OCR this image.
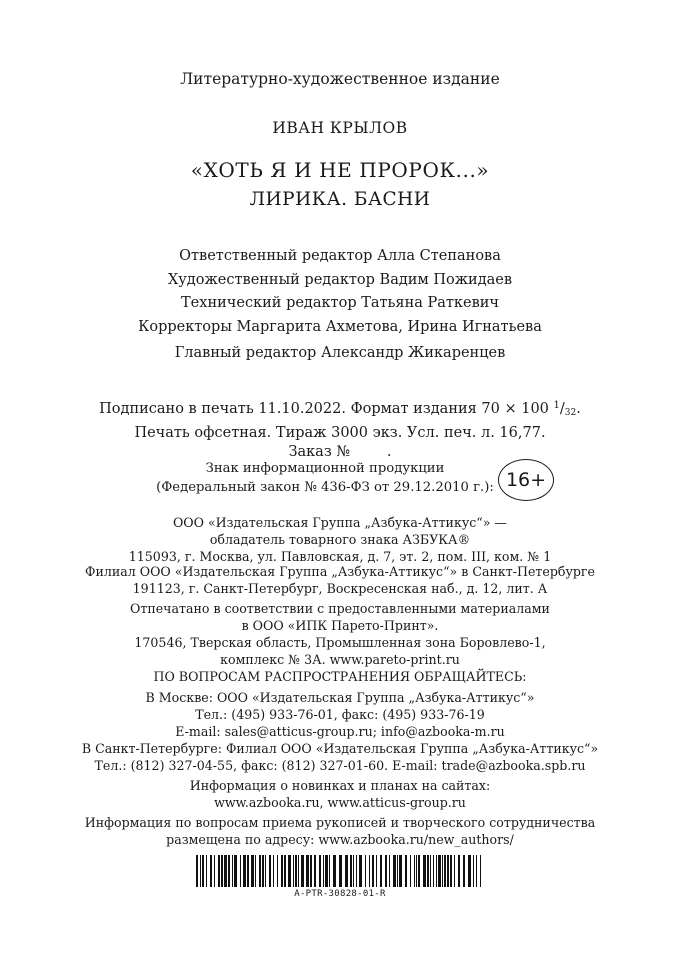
Литературно-художественное издание
ИВАН КРЫЛОВ
«ХОТЬ Я И НЕ ПРОРОК...»
ЛИРИКА. БАСНИ
Ответственный редактор Алла Степанова
Художественный редактор Вадим Пожидаев
Технический редактор Татьяна Раткевич
Корректоры Маргарита Ахметова, Ирина Игнатьева
Главный редактор Александр Жикаренцев
Подписано в печать 11.10.2022. Формат издания 70 × 100 $^1/_{32}$.
Печать офсетная. Тираж 3000 экз. Усл. печ. л. 16,77.
Заказ №        .
Знак информационной продукции
(Федеральный закон № 436-ФЗ от 29.12.2010 г.): 16+
ООО «Издательская Группа „Азбука-Аттикус“» —
обладатель товарного знака АЗБУКА®
115093, г. Москва, ул. Павловская, д. 7, эт. 2, пом. III, ком. № 1
Филиал ООО «Издательская Группа „Азбука-Аттикус“» в Санкт-Петербурге
191123, г. Санкт-Петербург, Воскресенская наб., д. 12, лит. А
Отпечатано в соответствии с предоставленными материалами
в ООО «ИПК Парето-Принт».
170546, Тверская область, Промышленная зона Боровлево-1,
комплекс № 3А. www.pareto-print.ru
ПО ВОПРОСАМ РАСПРОСТРАНЕНИЯ ОБРАЩАЙТЕСЬ:
В Москве: ООО «Издательская Группа „Азбука-Аттикус“»
Тел.: (495) 933-76-01, факс: (495) 933-76-19
E-mail: sales@atticus-group.ru; info@azbooka-m.ru
В Санкт-Петербурге: Филиал ООО «Издательская Группа „Азбука-Аттикус“»
Тел.: (812) 327-04-55, факс: (812) 327-01-60. E-mail: trade@azbooka.spb.ru
Информация о новинках и планах на сайтах:
www.azbooka.ru, www.atticus-group.ru
Информация по вопросам приема рукописей и творческого сотрудничества
размещена по адресу: www.azbooka.ru/new_authors/
A-PTR-30828-01-R
